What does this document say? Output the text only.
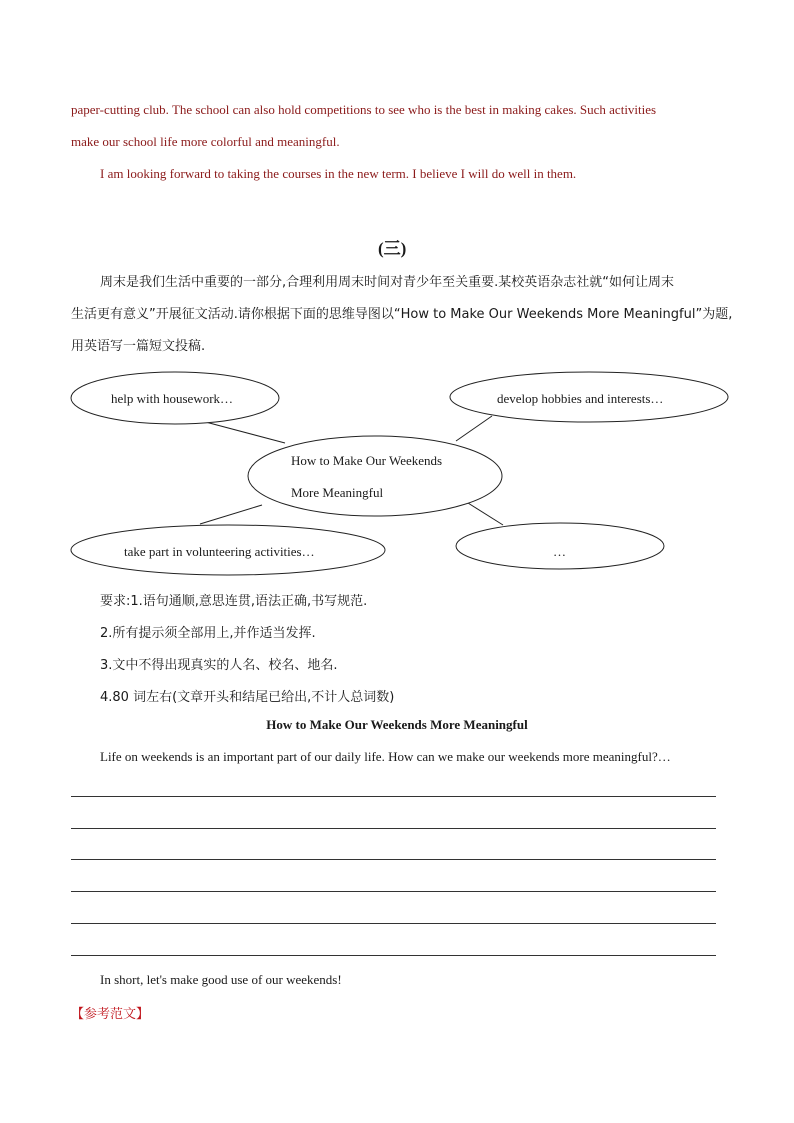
paper-cutting club. The school can also hold competitions to see who is the best in making cakes. Such activities
make our school life more colorful and meaningful.
I am looking forward to taking the courses in the new term. I believe I will do well in them.
(三)
周末是我们生活中重要的一部分,合理利用周末时间对青少年至关重要.某校英语杂志社就“如何让周末
生活更有意义”开展征文活动.请你根据下面的思维导图以“How to Make Our Weekends More Meaningful”为题,
用英语写一篇短文投稿.
How to Make Our Weekends
More Meaningful
help with housework…	develop hobbies and interests…
take part in volunteering activities…	…
要求:1.语句通顺,意思连贯,语法正确,书写规范.
2.所有提示须全部用上,并作适当发挥.
3.文中不得出现真实的人名、校名、地名.
4.80 词左右(文章开头和结尾已给出,不计人总词数)
How to Make Our Weekends More Meaningful
Life on weekends is an important part of our daily life. How can we make our weekends more meaningful?…
In short, let's make good use of our weekends!
【参考范文】
